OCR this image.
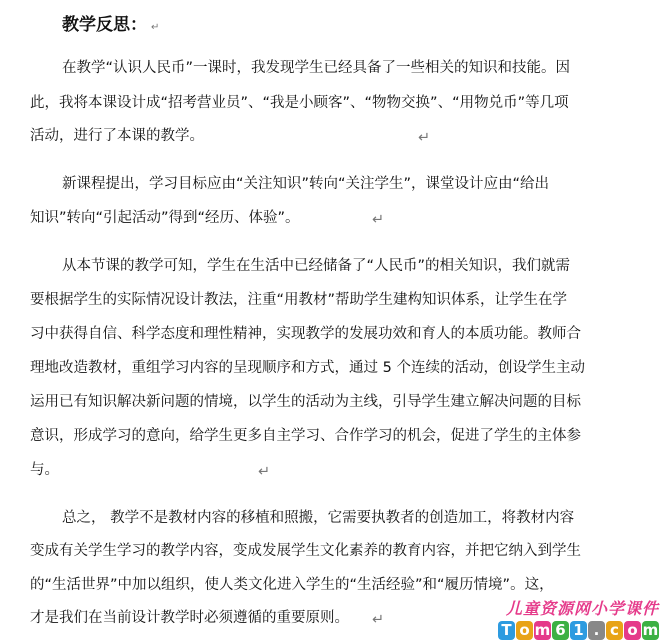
教学反思： ↵
在教学“认识人民币”一课时，我发现学生已经具备了一些相关的知识和技能。因
此，我将本课设计成“招考营业员”、“我是小顾客”、“物物交换”、“用物兑币”等几项
活动，进行了本课的教学。	↵
新课程提出，学习目标应由“关注知识”转向“关注学生”，课堂设计应由“给出
知识”转向“引起活动”得到“经历、体验”。	↵
从本节课的教学可知，学生在生活中已经储备了“人民币”的相关知识，我们就需
要根据学生的实际情况设计教法，注重“用教材”帮助学生建构知识体系，让学生在学
习中获得自信、科学态度和理性精神，实现教学的发展功效和育人的本质功能。教师合
理地改造教材，重组学习内容的呈现顺序和方式，通过 5 个连续的活动，创设学生主动
运用已有知识解决新问题的情境，以学生的活动为主线，引导学生建立解决问题的目标
意识，形成学习的意向，给学生更多自主学习、合作学习的机会，促进了学生的主体参
与。	↵
总之， 教学不是教材内容的移植和照搬，它需要执教者的创造加工，将教材内容
变成有关学生学习的教学内容，变成发展学生文化素养的教育内容，并把它纳入到学生
的“生活世界”中加以组织，使人类文化进入学生的“生活经验”和“履历情境”。这，
才是我们在当前设计教学时必须遵循的重要原则。 ↵
儿童资源网小学课件
T o m 6 1 . c o m
